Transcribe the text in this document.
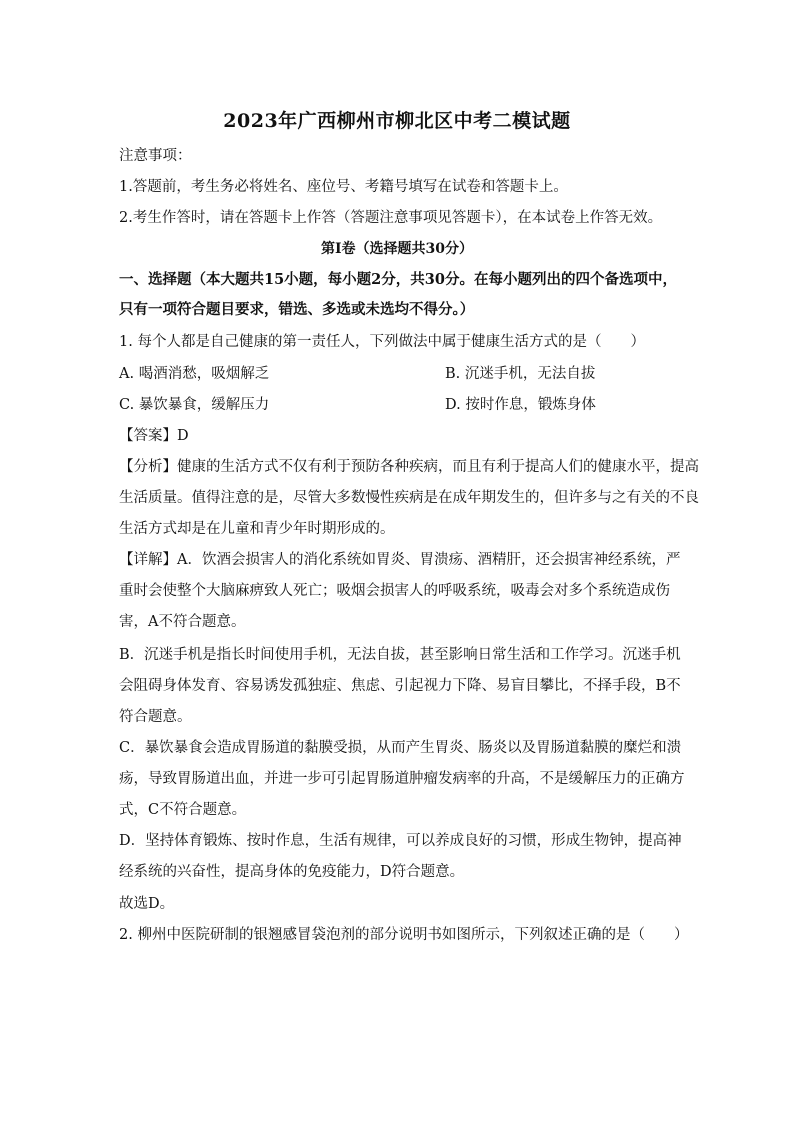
2023年广西柳州市柳北区中考二模试题
注意事项：
1.答题前，考生务必将姓名、座位号、考籍号填写在试卷和答题卡上。
2.考生作答时，请在答题卡上作答（答题注意事项见答题卡），在本试卷上作答无效。
第Ⅰ卷（选择题共30分）
一、选择题（本大题共15小题，每小题2分，共30分。在每小题列出的四个备选项中，
只有一项符合题目要求，错选、多选或未选均不得分。）
1. 每个人都是自己健康的第一责任人，下列做法中属于健康生活方式的是（　　）
A. 喝酒消愁，吸烟解乏	B. 沉迷手机，无法自拔
C. 暴饮暴食，缓解压力	D. 按时作息，锻炼身体
【答案】D
【分析】健康的生活方式不仅有利于预防各种疾病，而且有利于提高人们的健康水平，提高
生活质量。值得注意的是，尽管大多数慢性疾病是在成年期发生的，但许多与之有关的不良
生活方式却是在儿童和青少年时期形成的。
【详解】A．饮酒会损害人的消化系统如胃炎、胃溃疡、酒精肝，还会损害神经系统，严
重时会使整个大脑麻痹致人死亡；吸烟会损害人的呼吸系统，吸毒会对多个系统造成伤
害，A不符合题意。
B．沉迷手机是指长时间使用手机，无法自拔，甚至影响日常生活和工作学习。沉迷手机
会阻碍身体发育、容易诱发孤独症、焦虑、引起视力下降、易盲目攀比，不择手段，B不
符合题意。
C．暴饮暴食会造成胃肠道的黏膜受损，从而产生胃炎、肠炎以及胃肠道黏膜的糜烂和溃
疡，导致胃肠道出血，并进一步可引起胃肠道肿瘤发病率的升高，不是缓解压力的正确方
式，C不符合题意。
D．坚持体育锻炼、按时作息，生活有规律，可以养成良好的习惯，形成生物钟，提高神
经系统的兴奋性，提高身体的免疫能力，D符合题意。
故选D。
2. 柳州中医院研制的银翘感冒袋泡剂的部分说明书如图所示，下列叙述正确的是（　　）
